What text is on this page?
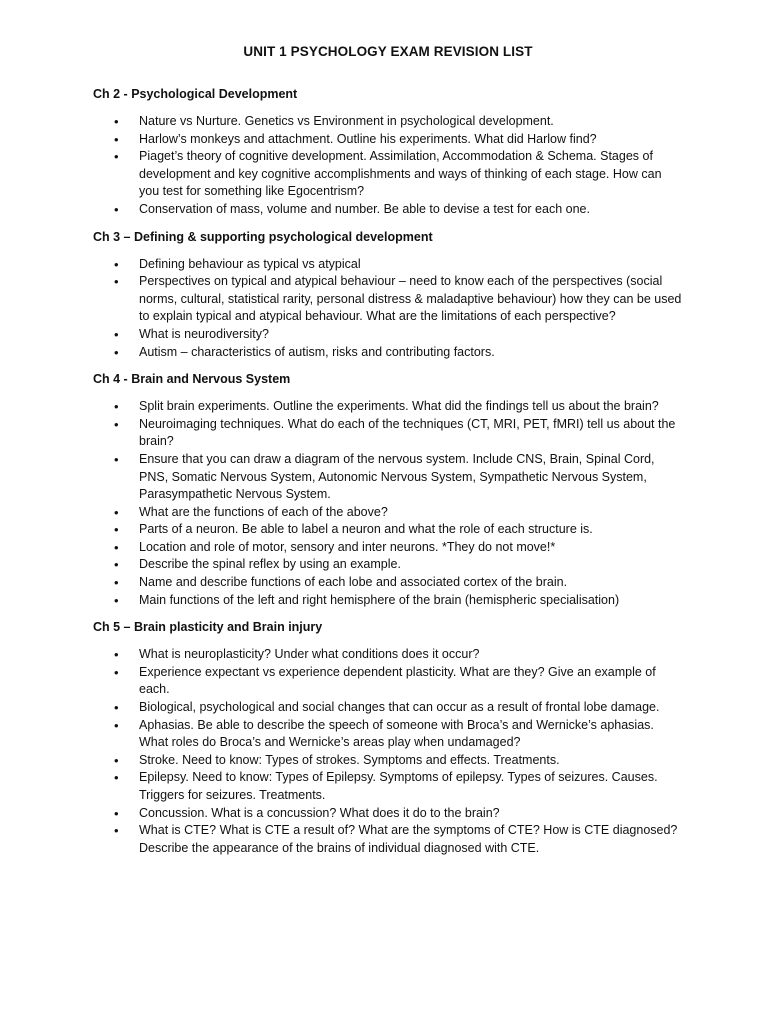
UNIT 1 PSYCHOLOGY EXAM REVISION LIST
Ch 2 - Psychological Development
• Nature vs Nurture. Genetics vs Environment in psychological development.
• Harlow’s monkeys and attachment. Outline his experiments. What did Harlow find?
• Piaget’s theory of cognitive development. Assimilation, Accommodation & Schema. Stages of development and key cognitive accomplishments and ways of thinking of each stage. How can you test for something like Egocentrism?
• Conservation of mass, volume and number. Be able to devise a test for each one.
Ch 3 – Defining & supporting psychological development
• Defining behaviour as typical vs atypical
• Perspectives on typical and atypical behaviour – need to know each of the perspectives (social norms, cultural, statistical rarity, personal distress & maladaptive behaviour) how they can be used to explain typical and atypical behaviour. What are the limitations of each perspective?
• What is neurodiversity?
• Autism – characteristics of autism, risks and contributing factors.
Ch 4 - Brain and Nervous System
• Split brain experiments. Outline the experiments. What did the findings tell us about the brain?
• Neuroimaging techniques. What do each of the techniques (CT, MRI, PET, fMRI) tell us about the brain?
• Ensure that you can draw a diagram of the nervous system. Include CNS, Brain, Spinal Cord, PNS, Somatic Nervous System, Autonomic Nervous System, Sympathetic Nervous System, Parasympathetic Nervous System.
• What are the functions of each of the above?
• Parts of a neuron. Be able to label a neuron and what the role of each structure is.
• Location and role of motor, sensory and inter neurons. *They do not move!*
• Describe the spinal reflex by using an example.
• Name and describe functions of each lobe and associated cortex of the brain.
• Main functions of the left and right hemisphere of the brain (hemispheric specialisation)
Ch 5 – Brain plasticity and Brain injury
• What is neuroplasticity? Under what conditions does it occur?
• Experience expectant vs experience dependent plasticity. What are they? Give an example of each.
• Biological, psychological and social changes that can occur as a result of frontal lobe damage.
• Aphasias. Be able to describe the speech of someone with Broca’s and Wernicke’s aphasias. What roles do Broca’s and Wernicke’s areas play when undamaged?
• Stroke. Need to know: Types of strokes. Symptoms and effects. Treatments.
• Epilepsy. Need to know: Types of Epilepsy. Symptoms of epilepsy. Types of seizures. Causes. Triggers for seizures. Treatments.
• Concussion. What is a concussion? What does it do to the brain?
• What is CTE? What is CTE a result of? What are the symptoms of CTE? How is CTE diagnosed? Describe the appearance of the brains of individual diagnosed with CTE.
